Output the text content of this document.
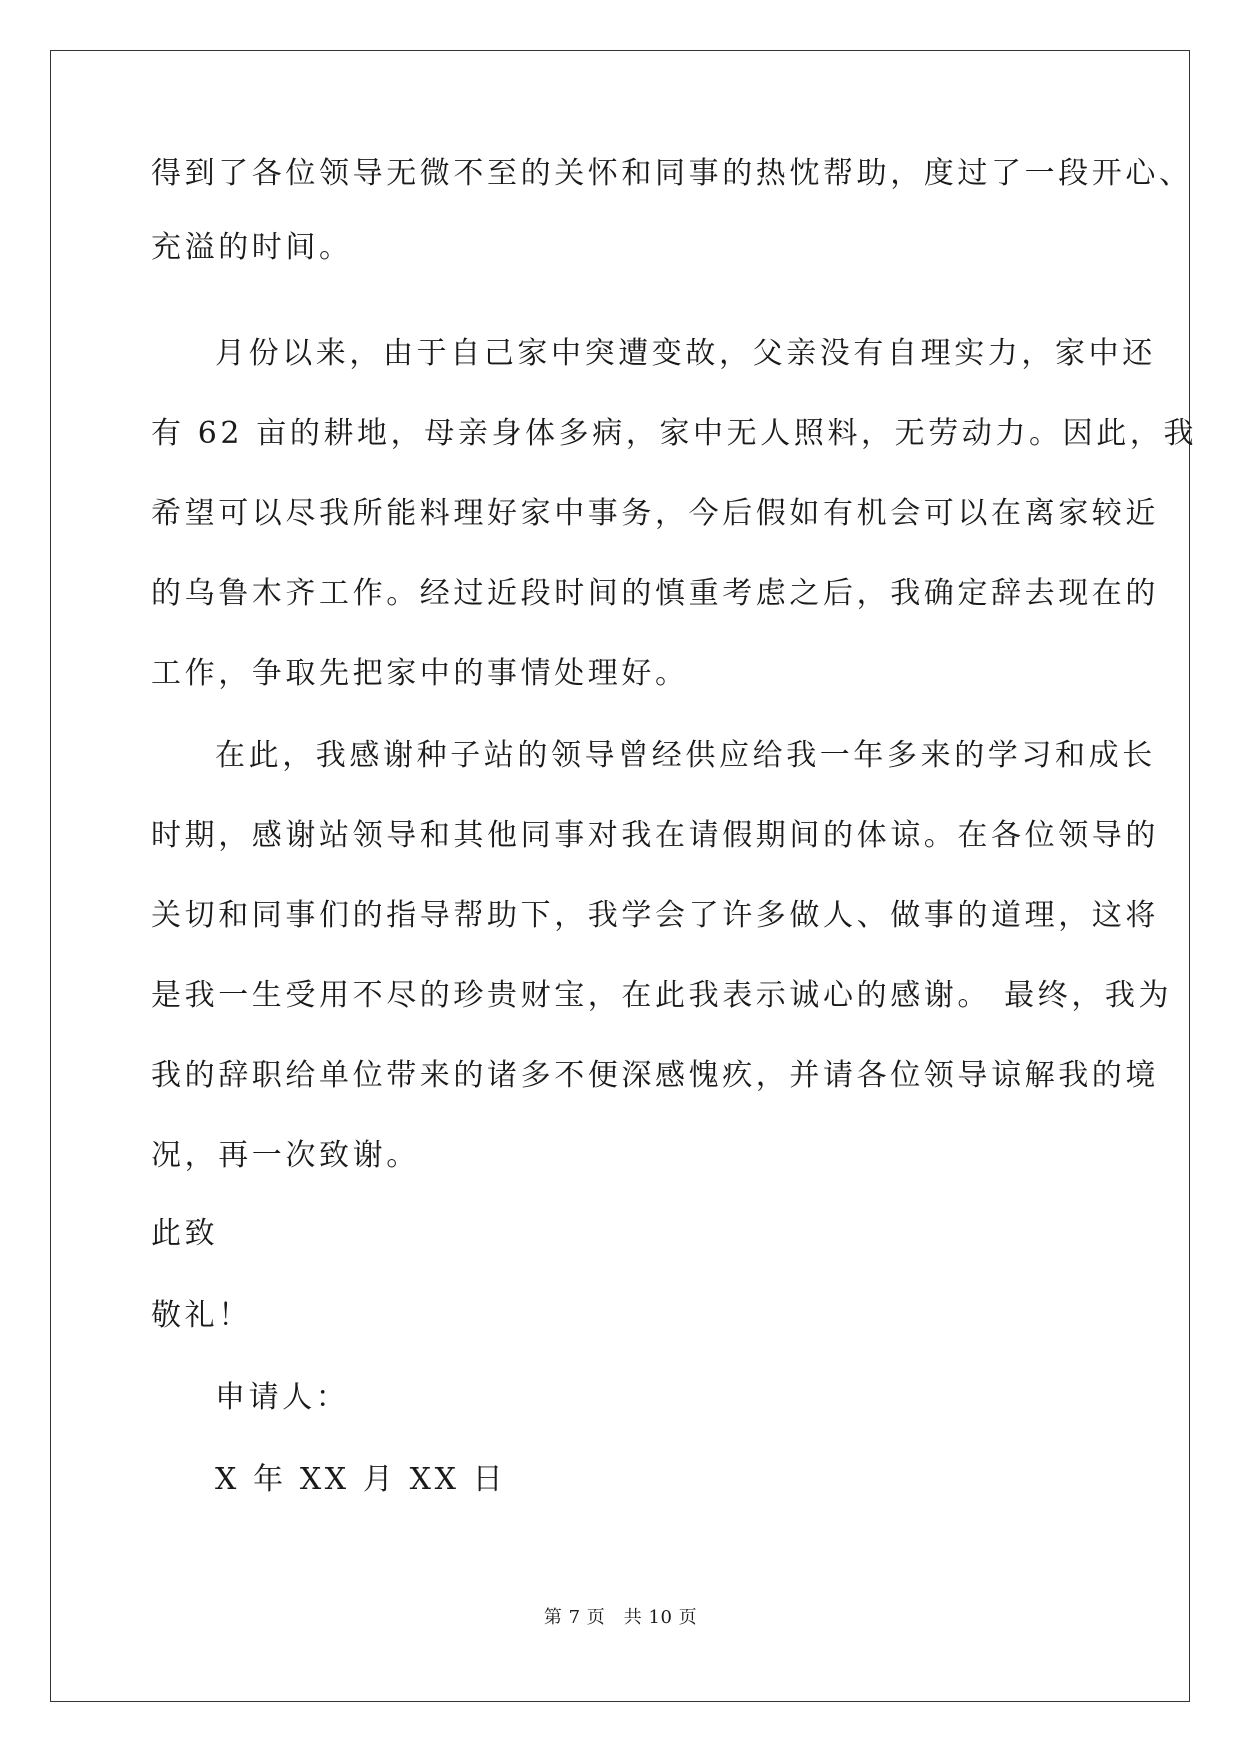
得到了各位领导无微不至的关怀和同事的热忱帮助，度过了一段开心、
充溢的时间。
月份以来，由于自己家中突遭变故，父亲没有自理实力，家中还
有 62 亩的耕地，母亲身体多病，家中无人照料，无劳动力。因此，我
希望可以尽我所能料理好家中事务，今后假如有机会可以在离家较近
的乌鲁木齐工作。经过近段时间的慎重考虑之后，我确定辞去现在的
工作，争取先把家中的事情处理好。
在此，我感谢种子站的领导曾经供应给我一年多来的学习和成长
时期，感谢站领导和其他同事对我在请假期间的体谅。在各位领导的
关切和同事们的指导帮助下，我学会了许多做人、做事的道理，这将
是我一生受用不尽的珍贵财宝，在此我表示诚心的感谢。 最终，我为
我的辞职给单位带来的诸多不便深感愧疚，并请各位领导谅解我的境
况，再一次致谢。
此致
敬礼！
申请人：
X 年 XX 月 XX 日
第 7 页　共 10 页
